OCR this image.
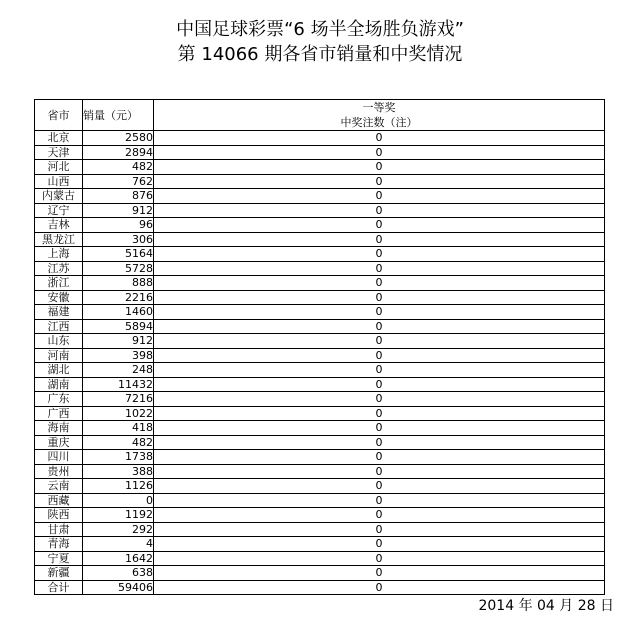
中国足球彩票“6 场半全场胜负游戏”
第 14066 期各省市销量和中奖情况
省市	销量（元）	一等奖
中奖注数（注）

北京	2580	0
天津	2894	0
河北	482	0
山西	762	0
内蒙古	876	0
辽宁	912	0
吉林	96	0
黑龙江	306	0
上海	5164	0
江苏	5728	0
浙江	888	0
安徽	2216	0
福建	1460	0
江西	5894	0
山东	912	0
河南	398	0
湖北	248	0
湖南	11432	0
广东	7216	0
广西	1022	0
海南	418	0
重庆	482	0
四川	1738	0
贵州	388	0
云南	1126	0
西藏	0	0
陕西	1192	0
甘肃	292	0
青海	4	0
宁夏	1642	0
新疆	638	0
合计	59406	0
2014 年 04 月 28 日
